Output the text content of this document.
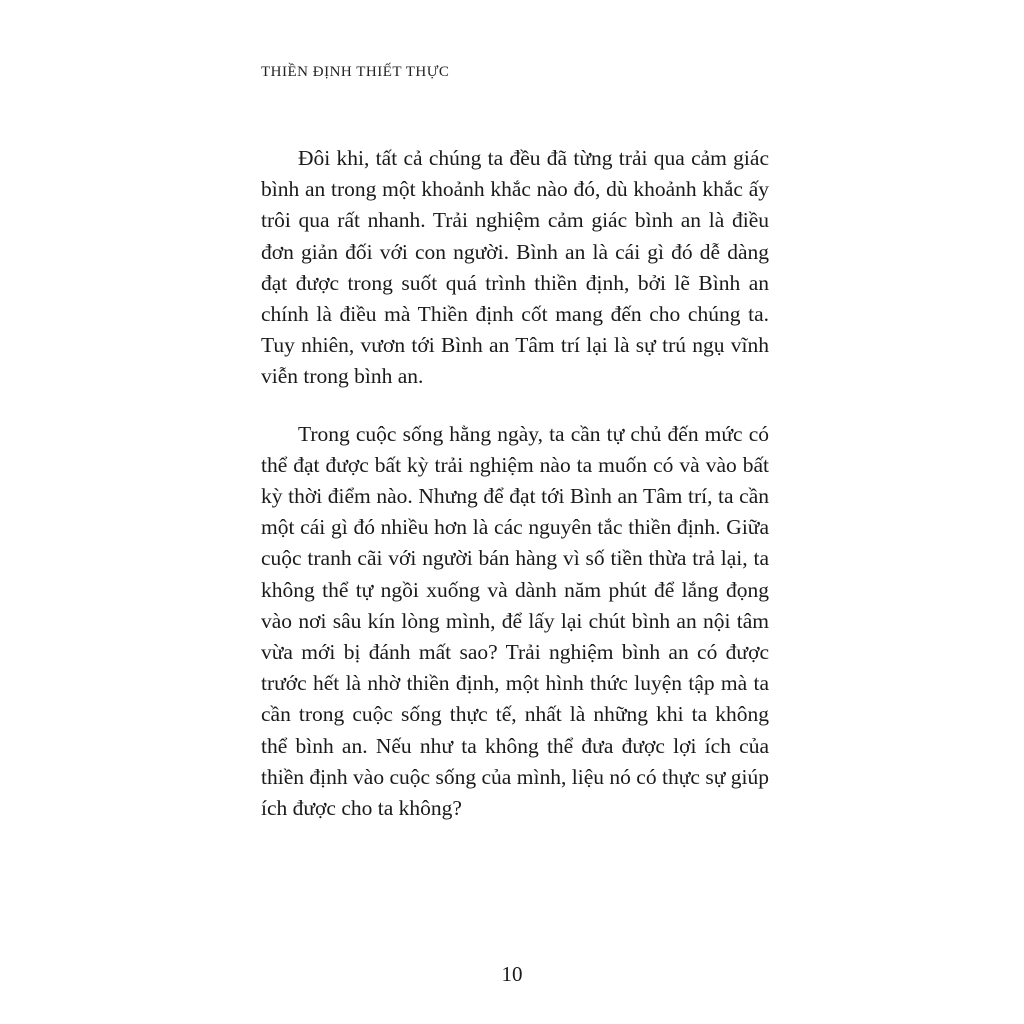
THIỀN ĐỊNH THIẾT THỰC

Đôi khi, tất cả chúng ta đều đã từng trải qua cảm giác bình an trong một khoảnh khắc nào đó, dù khoảnh khắc ấy trôi qua rất nhanh. Trải nghiệm cảm giác bình an là điều đơn giản đối với con người. Bình an là cái gì đó dễ dàng đạt được trong suốt quá trình thiền định, bởi lẽ Bình an chính là điều mà Thiền định cốt mang đến cho chúng ta. Tuy nhiên, vươn tới Bình an Tâm trí lại là sự trú ngụ vĩnh viễn trong bình an.

Trong cuộc sống hằng ngày, ta cần tự chủ đến mức có thể đạt được bất kỳ trải nghiệm nào ta muốn có và vào bất kỳ thời điểm nào. Nhưng để đạt tới Bình an Tâm trí, ta cần một cái gì đó nhiều hơn là các nguyên tắc thiền định. Giữa cuộc tranh cãi với người bán hàng vì số tiền thừa trả lại, ta không thể tự ngồi xuống và dành năm phút để lắng đọng vào nơi sâu kín lòng mình, để lấy lại chút bình an nội tâm vừa mới bị đánh mất sao? Trải nghiệm bình an có được trước hết là nhờ thiền định, một hình thức luyện tập mà ta cần trong cuộc sống thực tế, nhất là những khi ta không thể bình an. Nếu như ta không thể đưa được lợi ích của thiền định vào cuộc sống của mình, liệu nó có thực sự giúp ích được cho ta không?

10
